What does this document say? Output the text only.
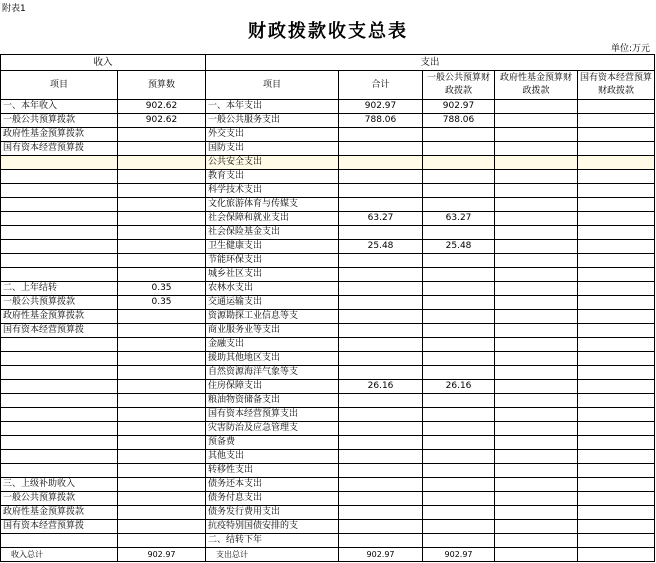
附表1
财政拨款收支总表
单位:万元
收入		支出				
项目	预算数	项目	合计	一般公共预算财政拨款	政府性基金预算财政拨款	国有资本经营预算财政拨款
一、本年收入	902.62	一、本年支出	902.97	902.97		
一般公共预算拨款	902.62	一般公共服务支出	788.06	788.06		
政府性基金预算拨款		外交支出				
国有资本经营预算拨		国防支出				
		公共安全支出				
		教育支出				
		科学技术支出				
		文化旅游体育与传媒支				
		社会保障和就业支出	63.27	63.27		
		社会保险基金支出				
		卫生健康支出	25.48	25.48		
		节能环保支出				
		城乡社区支出				
二、上年结转	0.35	农林水支出				
一般公共预算拨款	0.35	交通运输支出				
政府性基金预算拨款		资源勘探工业信息等支				
国有资本经营预算拨		商业服务业等支出				
		金融支出				
		援助其他地区支出				
		自然资源海洋气象等支				
		住房保障支出	26.16	26.16		
		粮油物资储备支出				
		国有资本经营预算支出				
		灾害防治及应急管理支				
		预备费				
		其他支出				
		转移性支出				
三、上级补助收入		债务还本支出				
一般公共预算拨款		债务付息支出				
政府性基金预算拨款		债务发行费用支出				
国有资本经营预算拨		抗疫特别国债安排的支				
		二、结转下年				
收入总计	902.97	支出总计	902.97	902.97		
